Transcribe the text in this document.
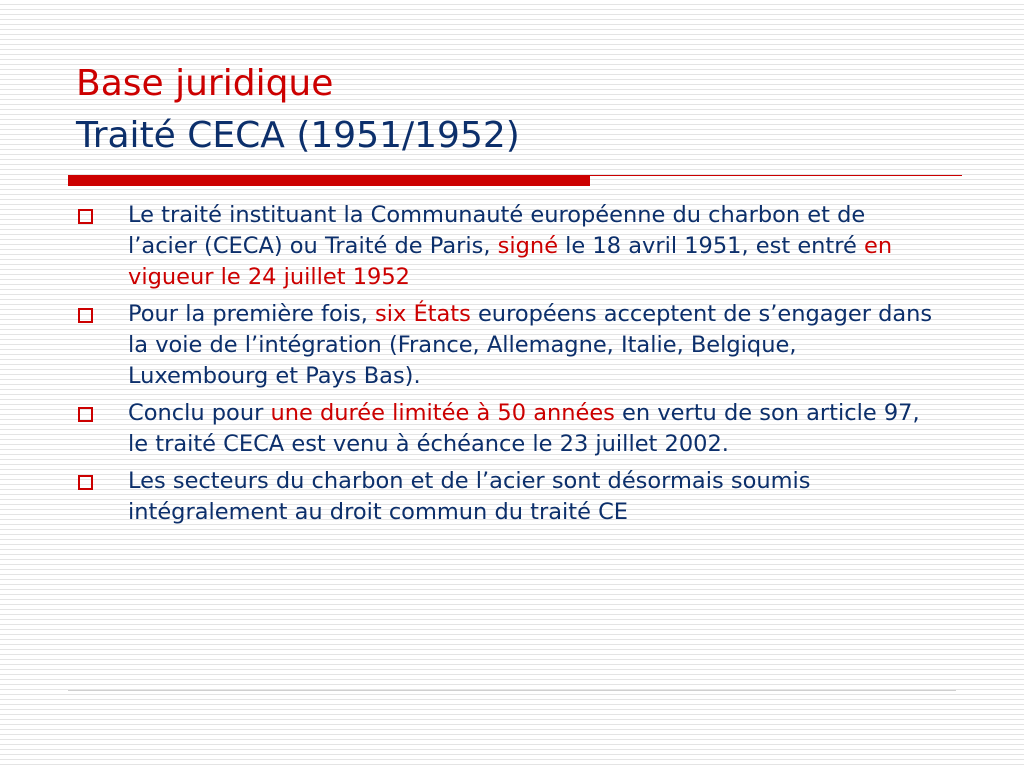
Base juridique
Traité CECA (1951/1952)
Le traité instituant la Communauté européenne du charbon et de l’acier (CECA) ou Traité de Paris, signé le 18 avril 1951, est entré en vigueur le 24 juillet 1952
Pour la première fois, six États européens acceptent de s’engager dans la voie de l’intégration (France, Allemagne, Italie, Belgique, Luxembourg et Pays Bas).
Conclu pour une durée limitée à 50 années en vertu de son article 97, le traité CECA est venu à échéance le 23 juillet 2002.
Les secteurs du charbon et de l’acier sont désormais soumis intégralement au droit commun du traité CE
